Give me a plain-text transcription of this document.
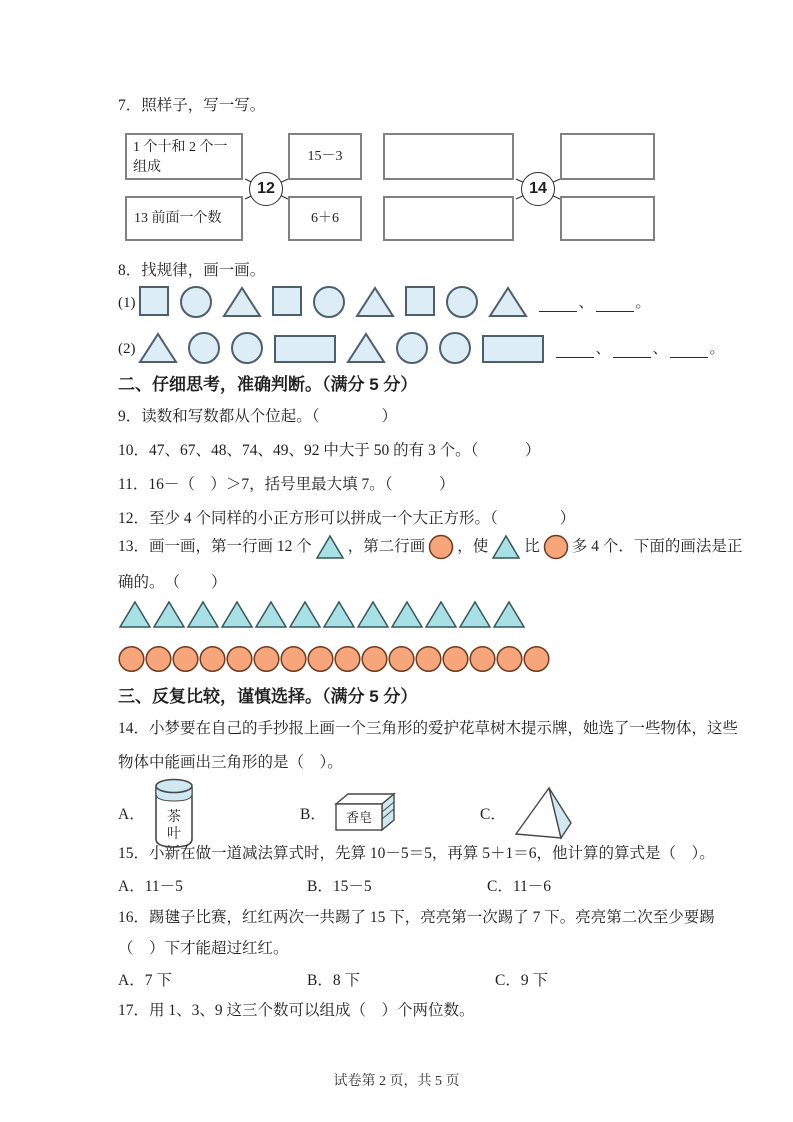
7．照样子，写一写。
1 个十和 2 个一组成
13 前面一个数
15－3
6＋6
12	14
8．找规律，画一画。
(1)	、	。
(2)	、	、	。
二、仔细思考，准确判断。（满分 5 分）
9．读数和写数都从个位起。（　　　　）
10．47、67、48、74、49、92 中大于 50 的有 3 个。（　　　）
11．16－（　）＞7，括号里最大填 7。（　　　）
12．至少 4 个同样的小正方形可以拼成一个大正方形。（　　　　）
13．画一画，第一行画 12 个 ，第二行画 ，使 比 多 4 个．下面的画法是正
确的。　（　　）
三、反复比较，谨慎选择。（满分 5 分）
14．小梦要在自己的手抄报上画一个三角形的爱护花草树木提示牌，她选了一些物体，这些
物体中能画出三角形的是（　）。
A． 茶
叶
B． 香皂	C．
15．小新在做一道减法算式时，先算 10－5＝5，再算 5＋1＝6，他计算的算式是（　）。
A．11－5	B．15－5	C．11－6
16．踢毽子比赛，红红两次一共踢了 15 下，亮亮第一次踢了 7 下。亮亮第二次至少要踢
（　）下才能超过红红。
A．7 下	B．8 下	C．9 下
17．用 1、3、9 这三个数可以组成（　）个两位数。
试卷第 2 页，共 5 页
